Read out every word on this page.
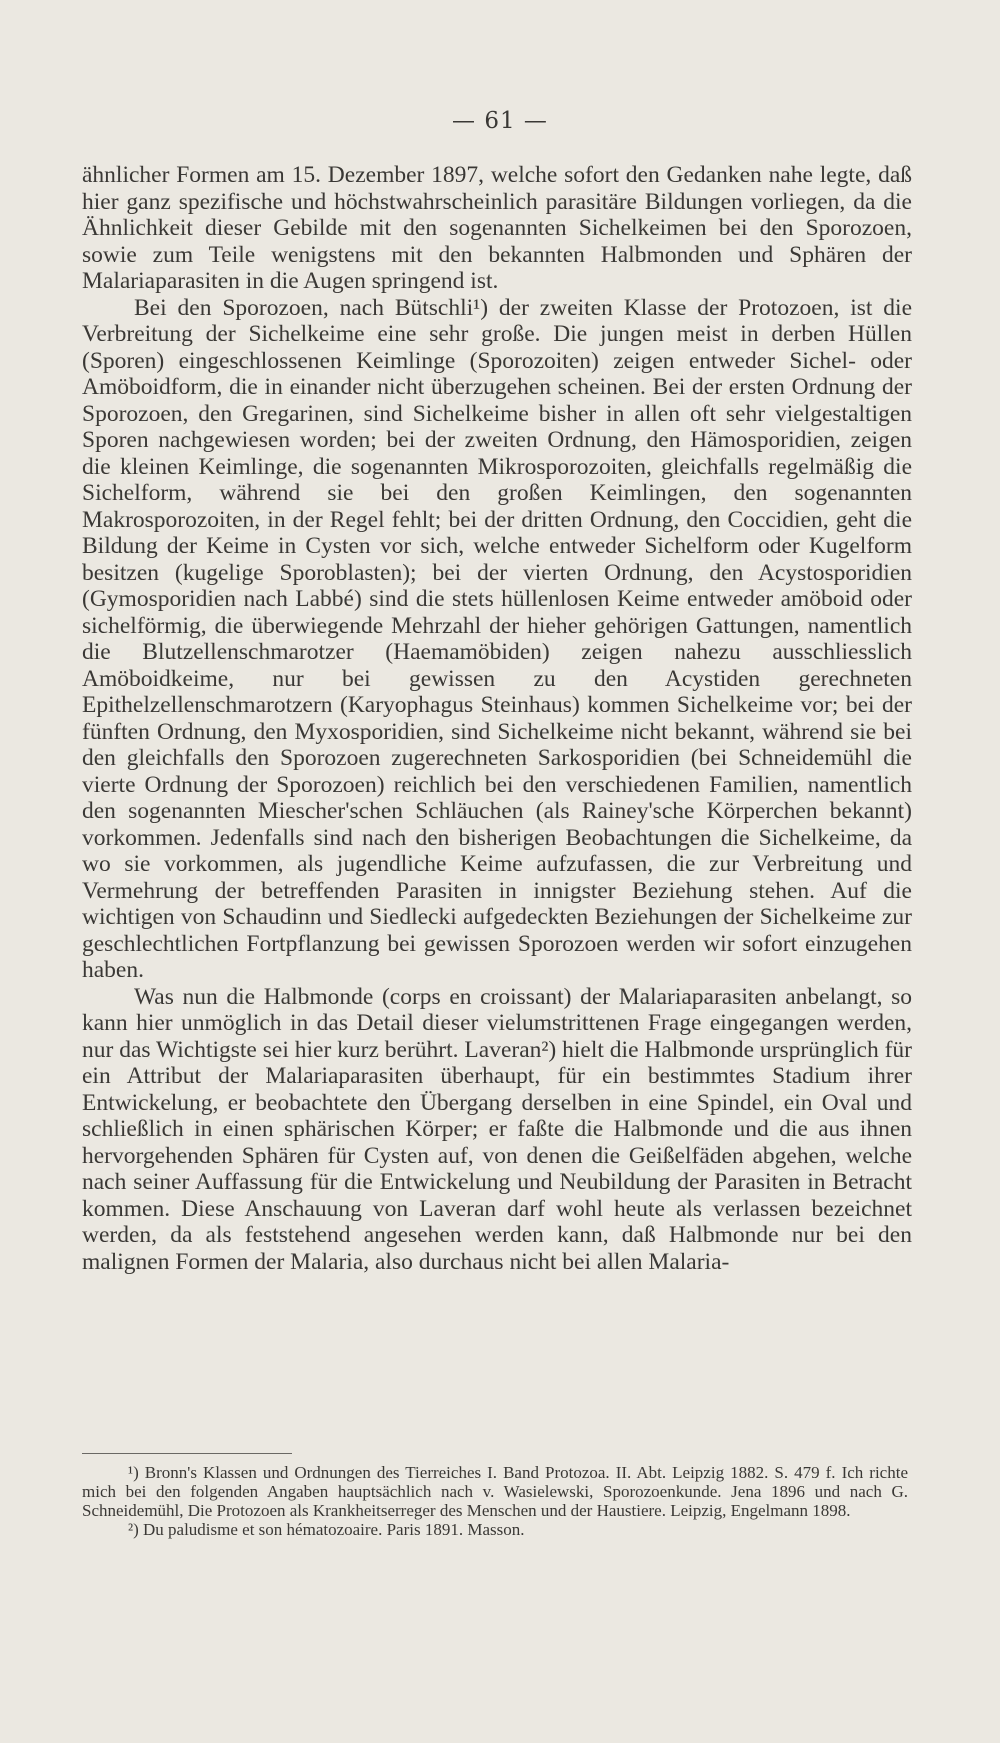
— 61 —

ähnlicher Formen am 15. Dezember 1897, welche sofort den Gedanken nahe legte, daß hier ganz spezifische und höchstwahrscheinlich parasitäre Bildungen vorliegen, da die Ähnlichkeit dieser Gebilde mit den sogenannten Sichelkeimen bei den Sporozoen, sowie zum Teile wenigstens mit den bekannten Halbmonden und Sphären der Malariaparasiten in die Augen springend ist.

Bei den Sporozoen, nach Bütschli¹) der zweiten Klasse der Protozoen, ist die Verbreitung der Sichelkeime eine sehr große. Die jungen meist in derben Hüllen (Sporen) eingeschlossenen Keimlinge (Sporozoiten) zeigen entweder Sichel- oder Amöboidform, die in einander nicht überzugehen scheinen. Bei der ersten Ordnung der Sporozoen, den Gregarinen, sind Sichelkeime bisher in allen oft sehr vielgestaltigen Sporen nachgewiesen worden; bei der zweiten Ordnung, den Hämosporidien, zeigen die kleinen Keimlinge, die sogenannten Mikrosporozoiten, gleichfalls regelmäßig die Sichelform, während sie bei den großen Keimlingen, den sogenannten Makrosporozoiten, in der Regel fehlt; bei der dritten Ordnung, den Coccidien, geht die Bildung der Keime in Cysten vor sich, welche entweder Sichelform oder Kugelform besitzen (kugelige Sporoblasten); bei der vierten Ordnung, den Acystosporidien (Gymosporidien nach Labbé) sind die stets hüllenlosen Keime entweder amöboid oder sichelförmig, die überwiegende Mehrzahl der hieher gehörigen Gattungen, namentlich die Blutzellenschmarotzer (Haemamöbiden) zeigen nahezu ausschliesslich Amöboidkeime, nur bei gewissen zu den Acystiden gerechneten Epithelzellenschmarotzern (Karyophagus Steinhaus) kommen Sichelkeime vor; bei der fünften Ordnung, den Myxosporidien, sind Sichelkeime nicht bekannt, während sie bei den gleichfalls den Sporozoen zugerechneten Sarkosporidien (bei Schneidemühl die vierte Ordnung der Sporozoen) reichlich bei den verschiedenen Familien, namentlich den sogenannten Miescher'schen Schläuchen (als Rainey'sche Körperchen bekannt) vorkommen. Jedenfalls sind nach den bisherigen Beobachtungen die Sichelkeime, da wo sie vorkommen, als jugendliche Keime aufzufassen, die zur Verbreitung und Vermehrung der betreffenden Parasiten in innigster Beziehung stehen. Auf die wichtigen von Schaudinn und Siedlecki aufgedeckten Beziehungen der Sichelkeime zur geschlechtlichen Fortpflanzung bei gewissen Sporozoen werden wir sofort einzugehen haben.

Was nun die Halbmonde (corps en croissant) der Malariaparasiten anbelangt, so kann hier unmöglich in das Detail dieser vielumstrittenen Frage eingegangen werden, nur das Wichtigste sei hier kurz berührt. Laveran²) hielt die Halbmonde ursprünglich für ein Attribut der Malariaparasiten überhaupt, für ein bestimmtes Stadium ihrer Entwickelung, er beobachtete den Übergang derselben in eine Spindel, ein Oval und schließlich in einen sphärischen Körper; er faßte die Halbmonde und die aus ihnen hervorgehenden Sphären für Cysten auf, von denen die Geißelfäden abgehen, welche nach seiner Auffassung für die Entwickelung und Neubildung der Parasiten in Betracht kommen. Diese Anschauung von Laveran darf wohl heute als verlassen bezeichnet werden, da als feststehend angesehen werden kann, daß Halbmonde nur bei den malignen Formen der Malaria, also durchaus nicht bei allen Malaria-

¹) Bronn's Klassen und Ordnungen des Tierreiches I. Band Protozoa. II. Abt. Leipzig 1882. S. 479 f. Ich richte mich bei den folgenden Angaben hauptsächlich nach v. Wasielewski, Sporozoenkunde. Jena 1896 und nach G. Schneidemühl, Die Protozoen als Krankheitserreger des Menschen und der Haustiere. Leipzig, Engelmann 1898.

²) Du paludisme et son hématozoaire. Paris 1891. Masson.
